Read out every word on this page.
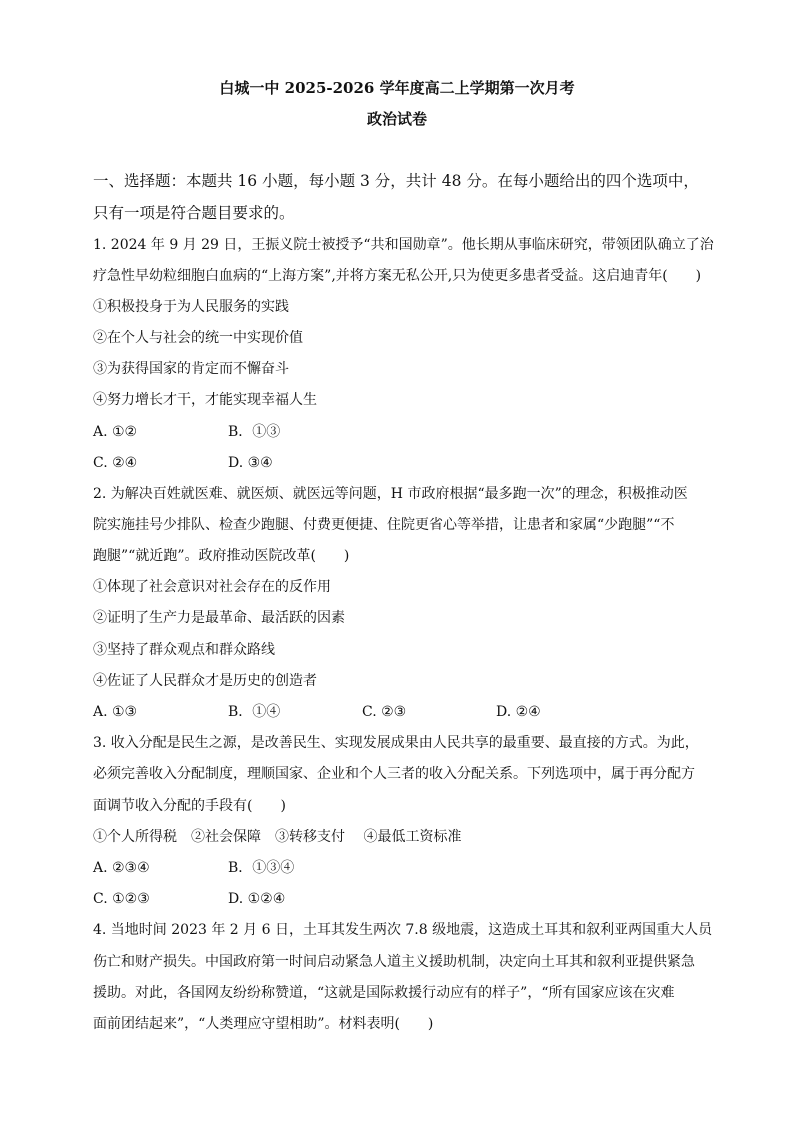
白城一中 2025-2026 学年度高二上学期第一次月考
政治试卷
一、选择题：本题共 16 小题，每小题 3 分，共计 48 分。在每小题给出的四个选项中，
只有一项是符合题目要求的。
1. 2024 年 9 月 29 日，王振义院士被授予“共和国勋章”。他长期从事临床研究，带领团队确立了治
疗急性早幼粒细胞白血病的“上海方案”,并将方案无私公开,只为使更多患者受益。这启迪青年(　　)
①积极投身于为人民服务的实践
②在个人与社会的统一中实现价值
③为获得国家的肯定而不懈奋斗
④努力增长才干，才能实现幸福人生
A. ①②	B．①③
C. ②④	D. ③④
2. 为解决百姓就医难、就医烦、就医远等问题，H 市政府根据“最多跑一次”的理念，积极推动医
院实施挂号少排队、检查少跑腿、付费更便捷、住院更省心等举措，让患者和家属“少跑腿”“不
跑腿”“就近跑”。政府推动医院改革(　　)
①体现了社会意识对社会存在的反作用
②证明了生产力是最革命、最活跃的因素
③坚持了群众观点和群众路线
④佐证了人民群众才是历史的创造者
A. ①③	B．①④	C. ②③	D. ②④
3. 收入分配是民生之源，是改善民生、实现发展成果由人民共享的最重要、最直接的方式。为此，
必须完善收入分配制度，理顺国家、企业和个人三者的收入分配关系。下列选项中，属于再分配方
面调节收入分配的手段有(　　)
①个人所得税　②社会保障　③转移支付　 ④最低工资标准
A. ②③④	B．①③④
C. ①②③	D. ①②④
4. 当地时间 2023 年 2 月 6 日，土耳其发生两次 7.8 级地震，这造成土耳其和叙利亚两国重大人员
伤亡和财产损失。中国政府第一时间启动紧急人道主义援助机制，决定向土耳其和叙利亚提供紧急
援助。对此，各国网友纷纷称赞道，“这就是国际救援行动应有的样子”，“所有国家应该在灾难
面前团结起来”，“人类理应守望相助”。材料表明(　　)
